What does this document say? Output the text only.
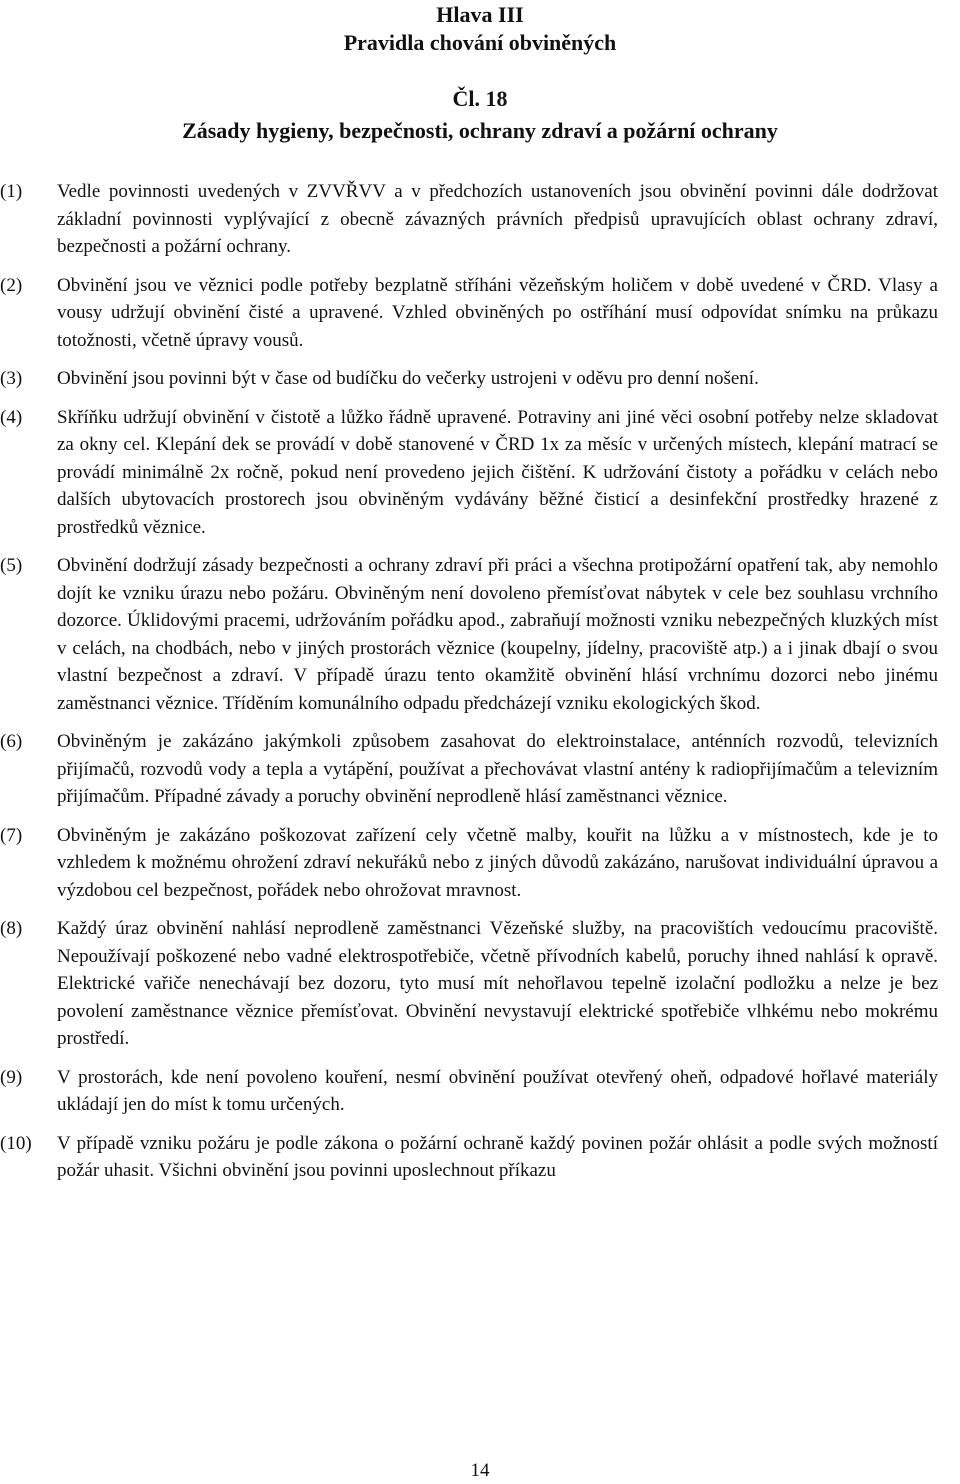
Hlava III
Pravidla chování obviněných
Čl. 18
Zásady hygieny, bezpečnosti, ochrany zdraví a požární ochrany
(1) Vedle povinnosti uvedených v ZVVŘVV a v předchozích ustanoveních jsou obvinění povinni dále dodržovat základní povinnosti vyplývající z obecně závazných právních předpisů upravujících oblast ochrany zdraví, bezpečnosti a požární ochrany.
(2) Obvinění jsou ve věznici podle potřeby bezplatně stříháni vězeňským holičem v době uvedené v ČRD. Vlasy a vousy udržují obvinění čisté a upravené. Vzhled obviněných po ostříhání musí odpovídat snímku na průkazu totožnosti, včetně úpravy vousů.
(3) Obvinění jsou povinni být v čase od budíčku do večerky ustrojeni v oděvu pro denní nošení.
(4) Skříňku udržují obvinění v čistotě a lůžko řádně upravené. Potraviny ani jiné věci osobní potřeby nelze skladovat za okny cel. Klepání dek se provádí v době stanovené v ČRD 1x za měsíc v určených místech, klepání matrací se provádí minimálně 2x ročně, pokud není provedeno jejich čištění. K udržování čistoty a pořádku v celách nebo dalších ubytovacích prostorech jsou obviněným vydávány běžné čisticí a desinfekční prostředky hrazené z prostředků věznice.
(5) Obvinění dodržují zásady bezpečnosti a ochrany zdraví při práci a všechna protipožární opatření tak, aby nemohlo dojít ke vzniku úrazu nebo požáru. Obviněným není dovoleno přemísťovat nábytek v cele bez souhlasu vrchního dozorce. Úklidovými pracemi, udržováním pořádku apod., zabraňují možnosti vzniku nebezpečných kluzkých míst v celách, na chodbách, nebo v jiných prostorách věznice (koupelny, jídelny, pracoviště atp.) a i jinak dbají o svou vlastní bezpečnost a zdraví. V případě úrazu tento okamžitě obvinění hlásí vrchnímu dozorci nebo jinému zaměstnanci věznice. Tříděním komunálního odpadu předcházejí vzniku ekologických škod.
(6) Obviněným je zakázáno jakýmkoli způsobem zasahovat do elektroinstalace, anténních rozvodů, televizních přijímačů, rozvodů vody a tepla a vytápění, používat a přechovávat vlastní antény k radiopřijímačům a televizním přijímačům. Případné závady a poruchy obvinění neprodleně hlásí zaměstnanci věznice.
(7) Obviněným je zakázáno poškozovat zařízení cely včetně malby, kouřit na lůžku a v místnostech, kde je to vzhledem k možnému ohrožení zdraví nekuřáků nebo z jiných důvodů zakázáno, narušovat individuální úpravou a výzdobou cel bezpečnost, pořádek nebo ohrožovat mravnost.
(8) Každý úraz obvinění nahlásí neprodleně zaměstnanci Vězeňské služby, na pracovištích vedoucímu pracoviště. Nepoužívají poškozené nebo vadné elektrospotřebiče, včetně přívodních kabelů, poruchy ihned nahlásí k opravě. Elektrické vařiče nenechávají bez dozoru, tyto musí mít nehořlavou tepelně izolační podložku a nelze je bez povolení zaměstnance věznice přemísťovat. Obvinění nevystavují elektrické spotřebiče vlhkému nebo mokrému prostředí.
(9) V prostorách, kde není povoleno kouření, nesmí obvinění používat otevřený oheň, odpadové hořlavé materiály ukládají jen do míst k tomu určených.
(10) V případě vzniku požáru je podle zákona o požární ochraně každý povinen požár ohlásit a podle svých možností požár uhasit. Všichni obvinění jsou povinni uposlechnout příkazu
14
